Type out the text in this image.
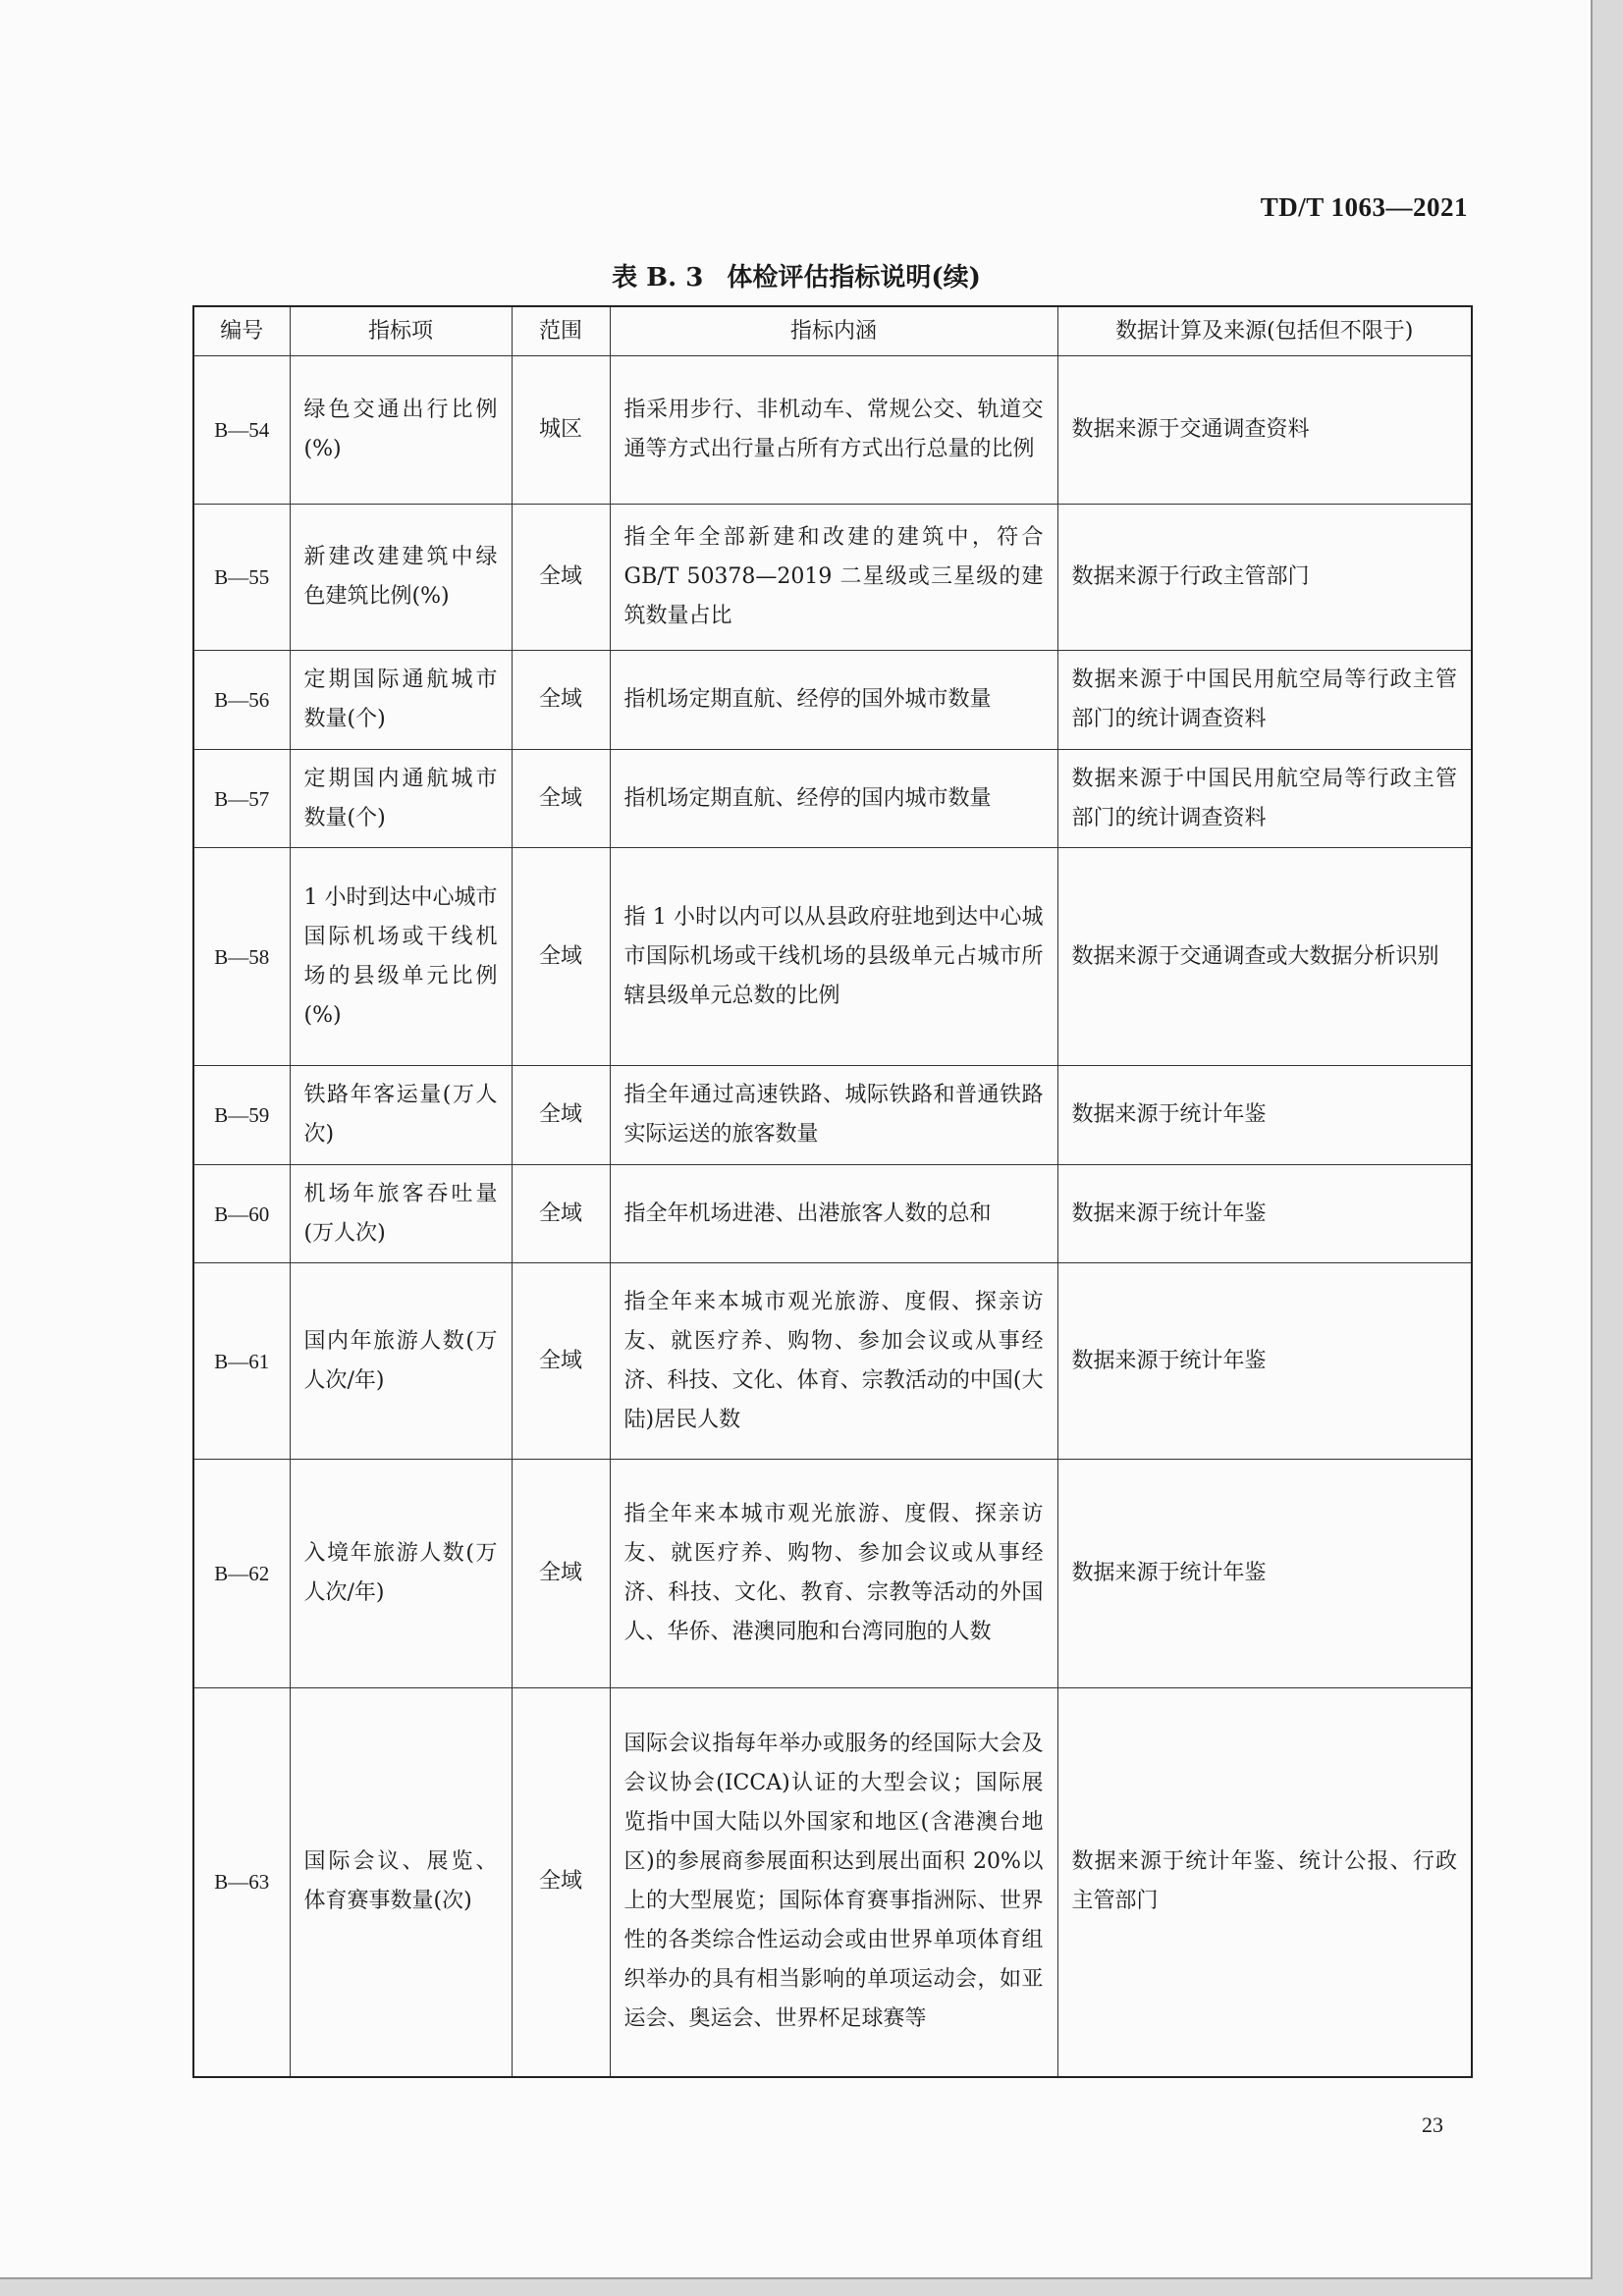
TD/T 1063—2021
表 B. 3 体检评估指标说明(续)
编号	指标项	范围	指标内涵	数据计算及来源(包括但不限于)
B—54	绿色交通出行比例(%)	城区	指采用步行、非机动车、常规公交、轨道交通等方式出行量占所有方式出行总量的比例	数据来源于交通调查资料
B—55	新建改建建筑中绿色建筑比例(%)	全域	指全年全部新建和改建的建筑中，符合GB/T 50378—2019 二星级或三星级的建筑数量占比	数据来源于行政主管部门
B—56	定期国际通航城市数量(个)	全域	指机场定期直航、经停的国外城市数量	数据来源于中国民用航空局等行政主管部门的统计调查资料
B—57	定期国内通航城市数量(个)	全域	指机场定期直航、经停的国内城市数量	数据来源于中国民用航空局等行政主管部门的统计调查资料
B—58	1 小时到达中心城市国际机场或干线机场的县级单元比例(%)	全域	指 1 小时以内可以从县政府驻地到达中心城市国际机场或干线机场的县级单元占城市所辖县级单元总数的比例	数据来源于交通调查或大数据分析识别
B—59	铁路年客运量(万人次)	全域	指全年通过高速铁路、城际铁路和普通铁路实际运送的旅客数量	数据来源于统计年鉴
B—60	机场年旅客吞吐量(万人次)	全域	指全年机场进港、出港旅客人数的总和	数据来源于统计年鉴
B—61	国内年旅游人数(万人次/年)	全域	指全年来本城市观光旅游、度假、探亲访友、就医疗养、购物、参加会议或从事经济、科技、文化、体育、宗教活动的中国(大陆)居民人数	数据来源于统计年鉴
B—62	入境年旅游人数(万人次/年)	全域	指全年来本城市观光旅游、度假、探亲访友、就医疗养、购物、参加会议或从事经济、科技、文化、教育、宗教等活动的外国人、华侨、港澳同胞和台湾同胞的人数	数据来源于统计年鉴
B—63	国际会议、展览、体育赛事数量(次)	全域	国际会议指每年举办或服务的经国际大会及会议协会(ICCA)认证的大型会议；国际展览指中国大陆以外国家和地区(含港澳台地区)的参展商参展面积达到展出面积 20%以上的大型展览；国际体育赛事指洲际、世界性的各类综合性运动会或由世界单项体育组织举办的具有相当影响的单项运动会，如亚运会、奥运会、世界杯足球赛等	数据来源于统计年鉴、统计公报、行政主管部门
23
